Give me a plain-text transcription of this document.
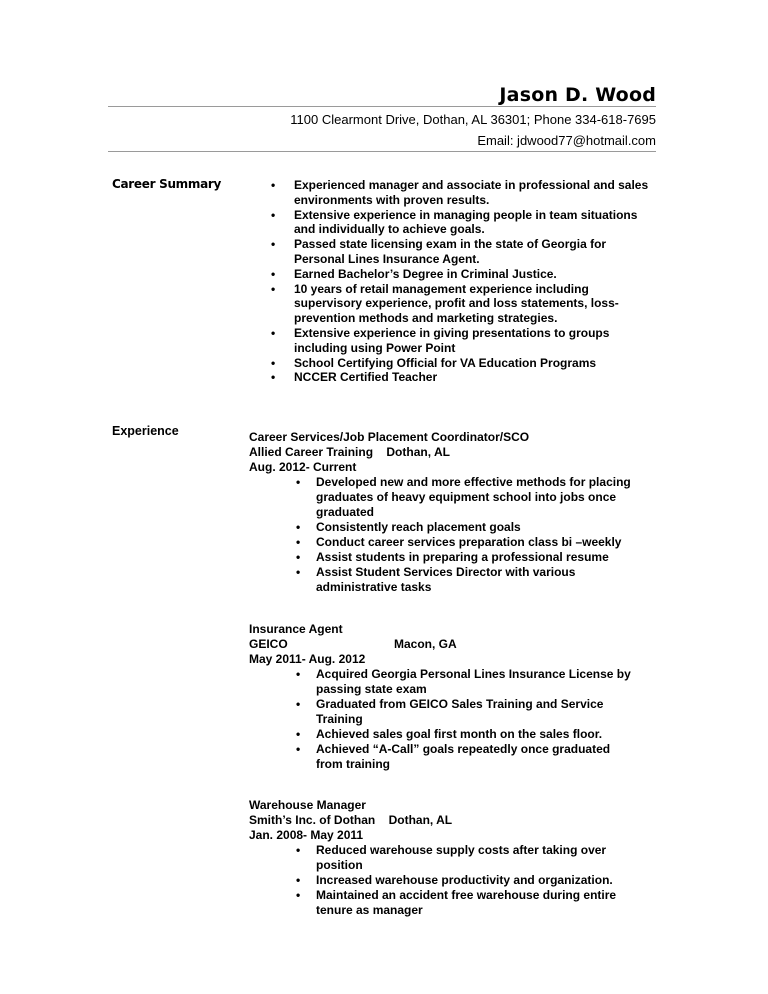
Jason D. Wood
1100 Clearmont Drive, Dothan, AL 36301; Phone 334-618-7695
Email: jdwood77@hotmail.com
Career Summary	• Experienced manager and associate in professional and sales environments with proven results.
• Extensive experience in managing people in team situations and individually to achieve goals.
• Passed state licensing exam in the state of Georgia for Personal Lines Insurance Agent.
• Earned Bachelor’s Degree in Criminal Justice.
• 10 years of retail management experience including supervisory experience, profit and loss statements, loss-prevention methods and marketing strategies.
• Extensive experience in giving presentations to groups including using Power Point
• School Certifying Official for VA Education Programs
• NCCER Certified Teacher
Experience	Career Services/Job Placement Coordinator/SCO
Allied Career Training Dothan, AL
Aug. 2012- Current
• Developed new and more effective methods for placing graduates of heavy equipment school into jobs once graduated
• Consistently reach placement goals
• Conduct career services preparation class bi –weekly
• Assist students in preparing a professional resume
• Assist Student Services Director with various administrative tasks
Insurance Agent
GEICO	Macon, GA
May 2011- Aug. 2012
• Acquired Georgia Personal Lines Insurance License by passing state exam
• Graduated from GEICO Sales Training and Service Training
• Achieved sales goal first month on the sales floor.
• Achieved “A-Call” goals repeatedly once graduated from training
Warehouse Manager
Smith’s Inc. of Dothan Dothan, AL
Jan. 2008- May 2011
• Reduced warehouse supply costs after taking over position
• Increased warehouse productivity and organization.
• Maintained an accident free warehouse during entire tenure as manager
